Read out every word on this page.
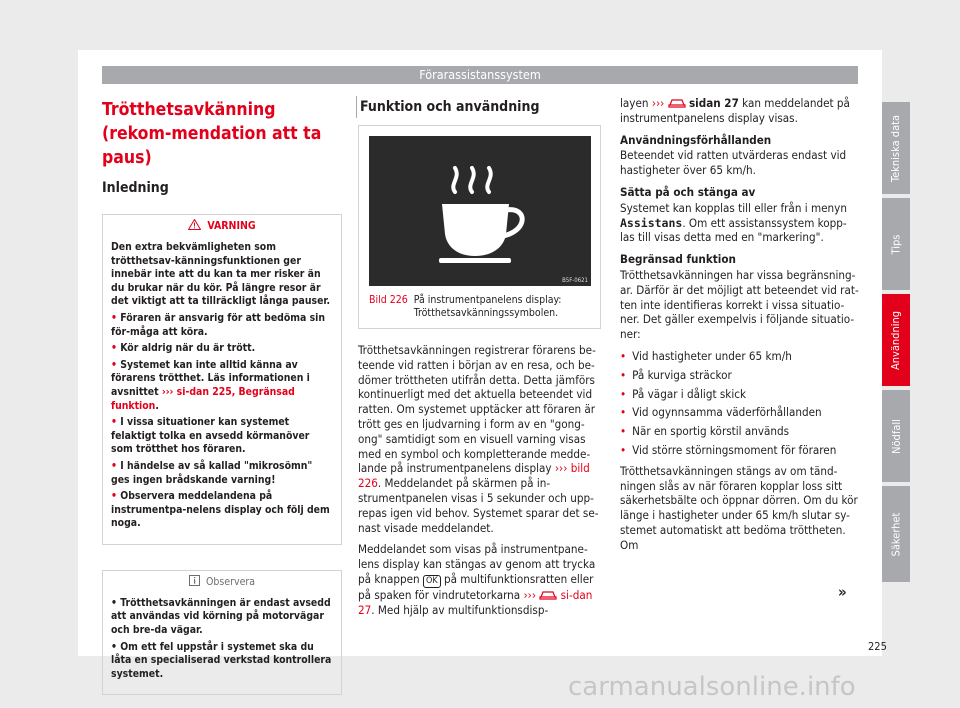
Förarassistanssystem
Trötthetsavkänning (rekom-mendation att ta paus)
Inledning
VARNING

Den extra bekvämligheten som trötthetsav-känningsfunktionen ger innebär inte att du kan ta mer risker än du brukar när du kör. På längre resor är det viktigt att ta tillräckligt långa pauser.

• Föraren är ansvarig för att bedöma sin för-måga att köra.

• Kör aldrig när du är trött.

• Systemet kan inte alltid känna av förarens trötthet. Läs informationen i avsnittet ››› si-dan 225, Begränsad funktion.

• I vissa situationer kan systemet felaktigt tolka en avsedd körmanöver som trötthet hos föraren.

• I händelse av så kallad "mikrosömn" ges ingen brådskande varning!

• Observera meddelandena på instrumentpa-nelens display och följ dem noga.

Observera

• Trötthetsavkänningen är endast avsedd att användas vid körning på motorvägar och bre-da vägar.

• Om ett fel uppstår i systemet ska du låta en specialiserad verkstad kontrollera systemet.

Funktion och användning
B5F-0621
Bild 226 På instrumentpanelens display: Trötthetsavkänningssymbolen.

Trötthetsavkänningen registrerar förarens be-teende vid ratten i början av en resa, och be-dömer tröttheten utifrån detta. Detta jämförs kontinuerligt med det aktuella beteendet vid ratten. Om systemet upptäcker att föraren är trött ges en ljudvarning i form av en "gong-ong" samtidigt som en visuell varning visas med en symbol och kompletterande medde-lande på instrumentpanelens display ››› bild 226. Meddelandet på skärmen på in-strumentpanelen visas i 5 sekunder och upp-repas igen vid behov. Systemet sparar det se-nast visade meddelandet.

Meddelandet som visas på instrumentpane-lens display kan stängas av genom att trycka på knappen OK på multifunktionsratten eller på spaken för vindrutetorkarna ››› si-dan 27. Med hjälp av multifunktionsdisp-

layen ››› sidan 27 kan meddelandet på instrumentpanelens display visas.

Användningsförhållanden

Beteendet vid ratten utvärderas endast vid hastigheter över 65 km/h.

Sätta på och stänga av

Systemet kan kopplas till eller från i menyn Assistans. Om ett assistanssystem kopp-las till visas detta med en "markering".

Begränsad funktion

Trötthetsavkänningen har vissa begränsning-ar. Därför är det möjligt att beteendet vid rat-ten inte identifieras korrekt i vissa situatio-ner. Det gäller exempelvis i följande situatio-ner:

• Vid hastigheter under 65 km/h
• På kurviga sträckor
• På vägar i dåligt skick
• Vid ogynnsamma väderförhållanden
• När en sportig körstil används
• Vid större störningsmoment för föraren

Trötthetsavkänningen stängs av om tänd-ningen slås av när föraren kopplar loss sitt säkerhetsbälte och öppnar dörren. Om du kör länge i hastigheter under 65 km/h slutar sy-stemet automatiskt att bedöma tröttheten. Om

»
Tekniska data
Tips
Användning
Nödfall
Säkerhet
225
carmanualsonline.info
